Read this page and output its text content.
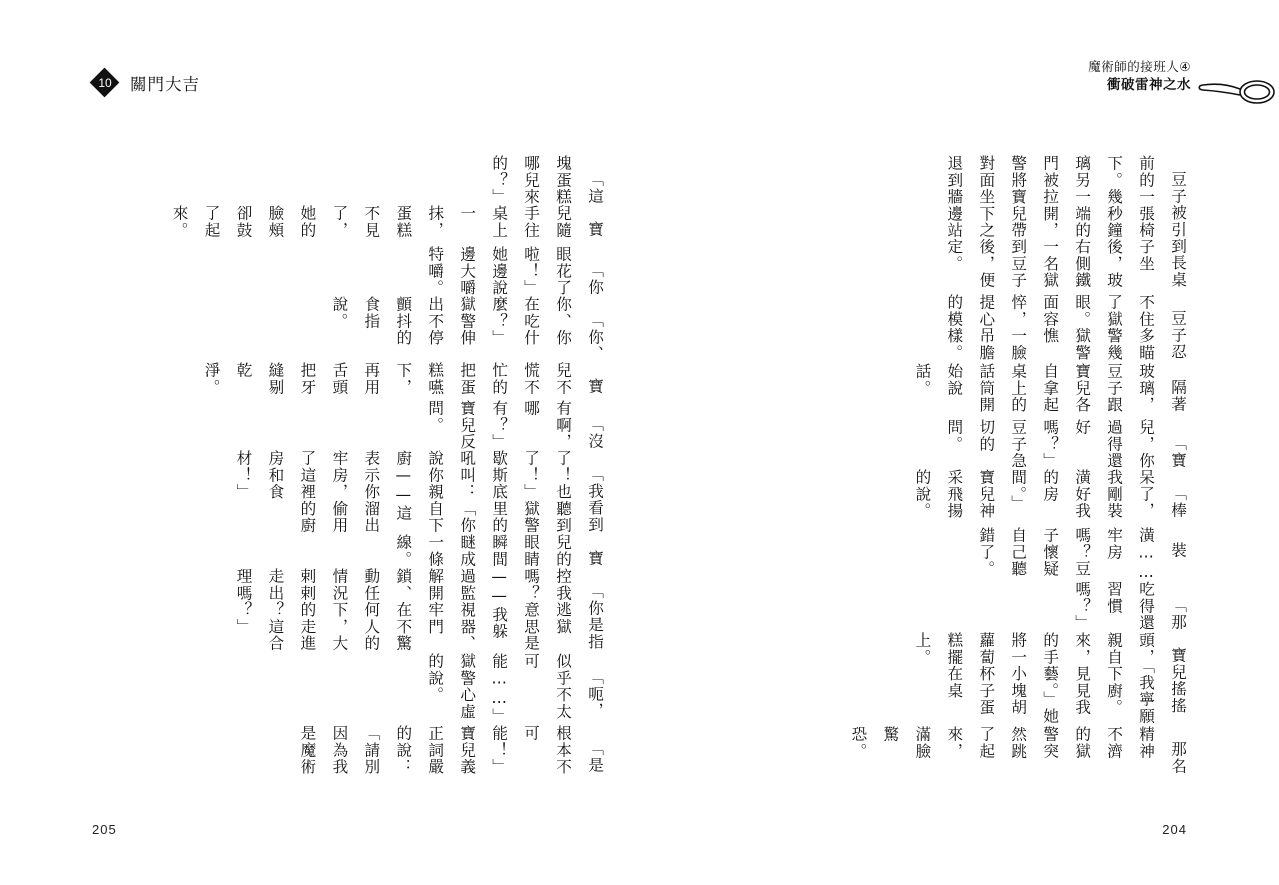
10 關門大吉
魔術師的接班人④
衝破雷神之水

豆子被引到長桌前的一張椅子坐下。幾秒鐘後，玻璃另一端的右側鐵門被拉開，一名獄警將寶兒帶到豆子對面坐下之後，便退到牆邊站定。

豆子忍不住多瞄了獄警幾眼。獄警面容憔悴，一臉提心吊膽的模樣。

隔著玻璃，豆子跟寶兒各自拿起桌上的話筒開始說話。

「寶兒，你過得還好嗎？」豆子急切的問。

「棒呆了，我剛裝潢好我的房間。」寶兒神采飛揚的說。

裝潢……牢房嗎？豆子懷疑自己聽錯了。

「那吃得還習慣嗎？」

寶兒搖搖頭，「我寧願親自下廚。來，見見我的手藝。」她將一小塊胡蘿蔔杯子蛋糕擺在桌上。

那名精神不濟的獄警突然跳了起來，滿臉驚恐。

「這塊蛋糕哪兒來的？」

寶兒隨手往桌上一抹，蛋糕不見了，她的臉頰卻鼓了起來。

「你眼花了啦！」她邊說邊大嚼特嚼。

「你、你、你在吃什麼？」獄警伸出不停顫抖的食指說。

寶兒不慌不忙的把蛋糕嚥下，再用舌頭把牙縫剔乾淨。

「沒有啊，哪有？」寶兒反問。

「我看到了！也聽到了！」獄警歇斯底里的吼叫：「你說你親自下廚——這表示你溜出牢房，偷用了這裡的廚房和食材！」

寶兒的眼睛瞬間瞇成一條線。

「你是指控我逃獄嗎？意思是——我躲過監視器、解開牢門鎖、在不驚動任何人的情況下，大剌剌的走進走出？這合理嗎？」

「呃，似乎不太可能……」獄警心虛的說。

「是根本不可能！」寶兒義正詞嚴的說：「請別因為我是魔術

205	204
